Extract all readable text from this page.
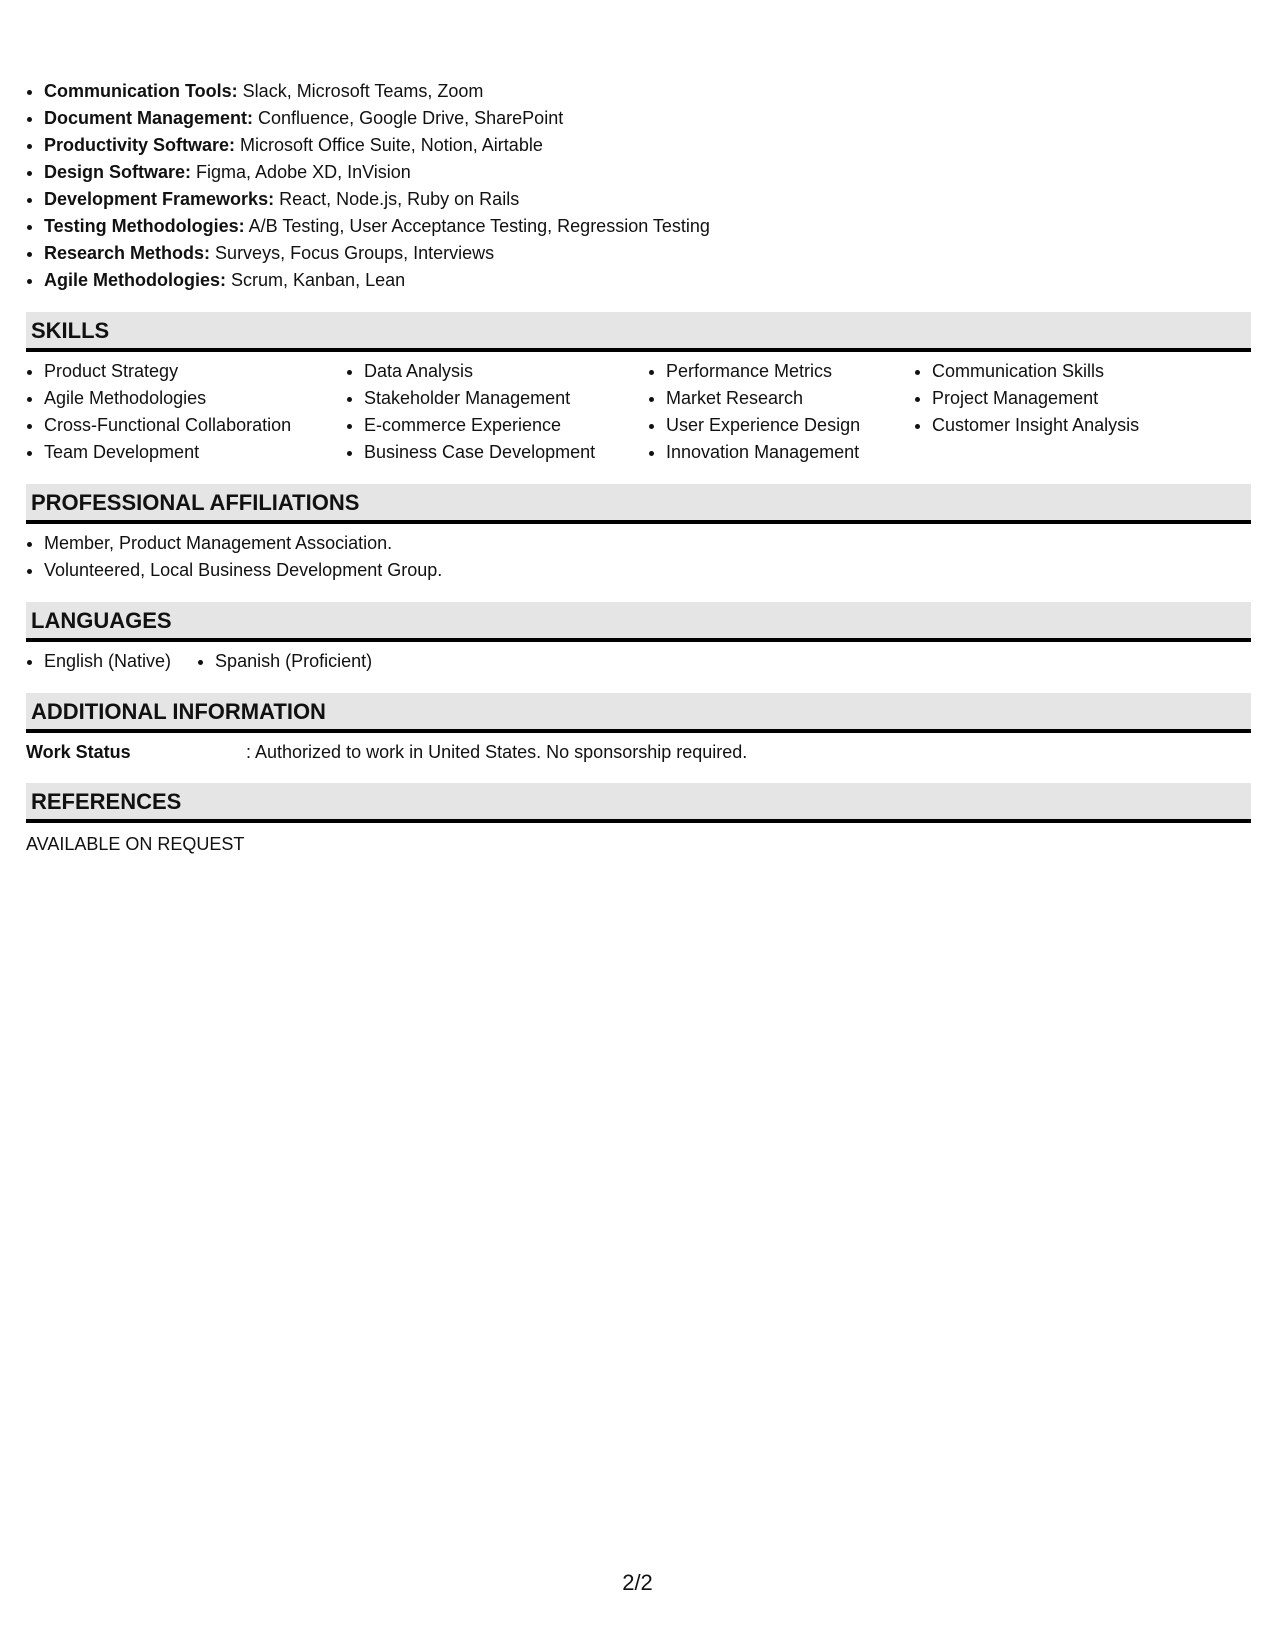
• Communication Tools: Slack, Microsoft Teams, Zoom
• Document Management: Confluence, Google Drive, SharePoint
• Productivity Software: Microsoft Office Suite, Notion, Airtable
• Design Software: Figma, Adobe XD, InVision
• Development Frameworks: React, Node.js, Ruby on Rails
• Testing Methodologies: A/B Testing, User Acceptance Testing, Regression Testing
• Research Methods: Surveys, Focus Groups, Interviews
• Agile Methodologies: Scrum, Kanban, Lean
SKILLS
• Product Strategy
• Agile Methodologies
• Cross-Functional Collaboration
• Team Development
• Data Analysis
• Stakeholder Management
• E-commerce Experience
• Business Case Development
• Performance Metrics
• Market Research
• User Experience Design
• Innovation Management
• Communication Skills
• Project Management
• Customer Insight Analysis
PROFESSIONAL AFFILIATIONS
• Member, Product Management Association.
• Volunteered, Local Business Development Group.
LANGUAGES
• English (Native)
• Spanish (Proficient)
ADDITIONAL INFORMATION
Work Status	: Authorized to work in United States. No sponsorship required.
REFERENCES
AVAILABLE ON REQUEST
2/2
